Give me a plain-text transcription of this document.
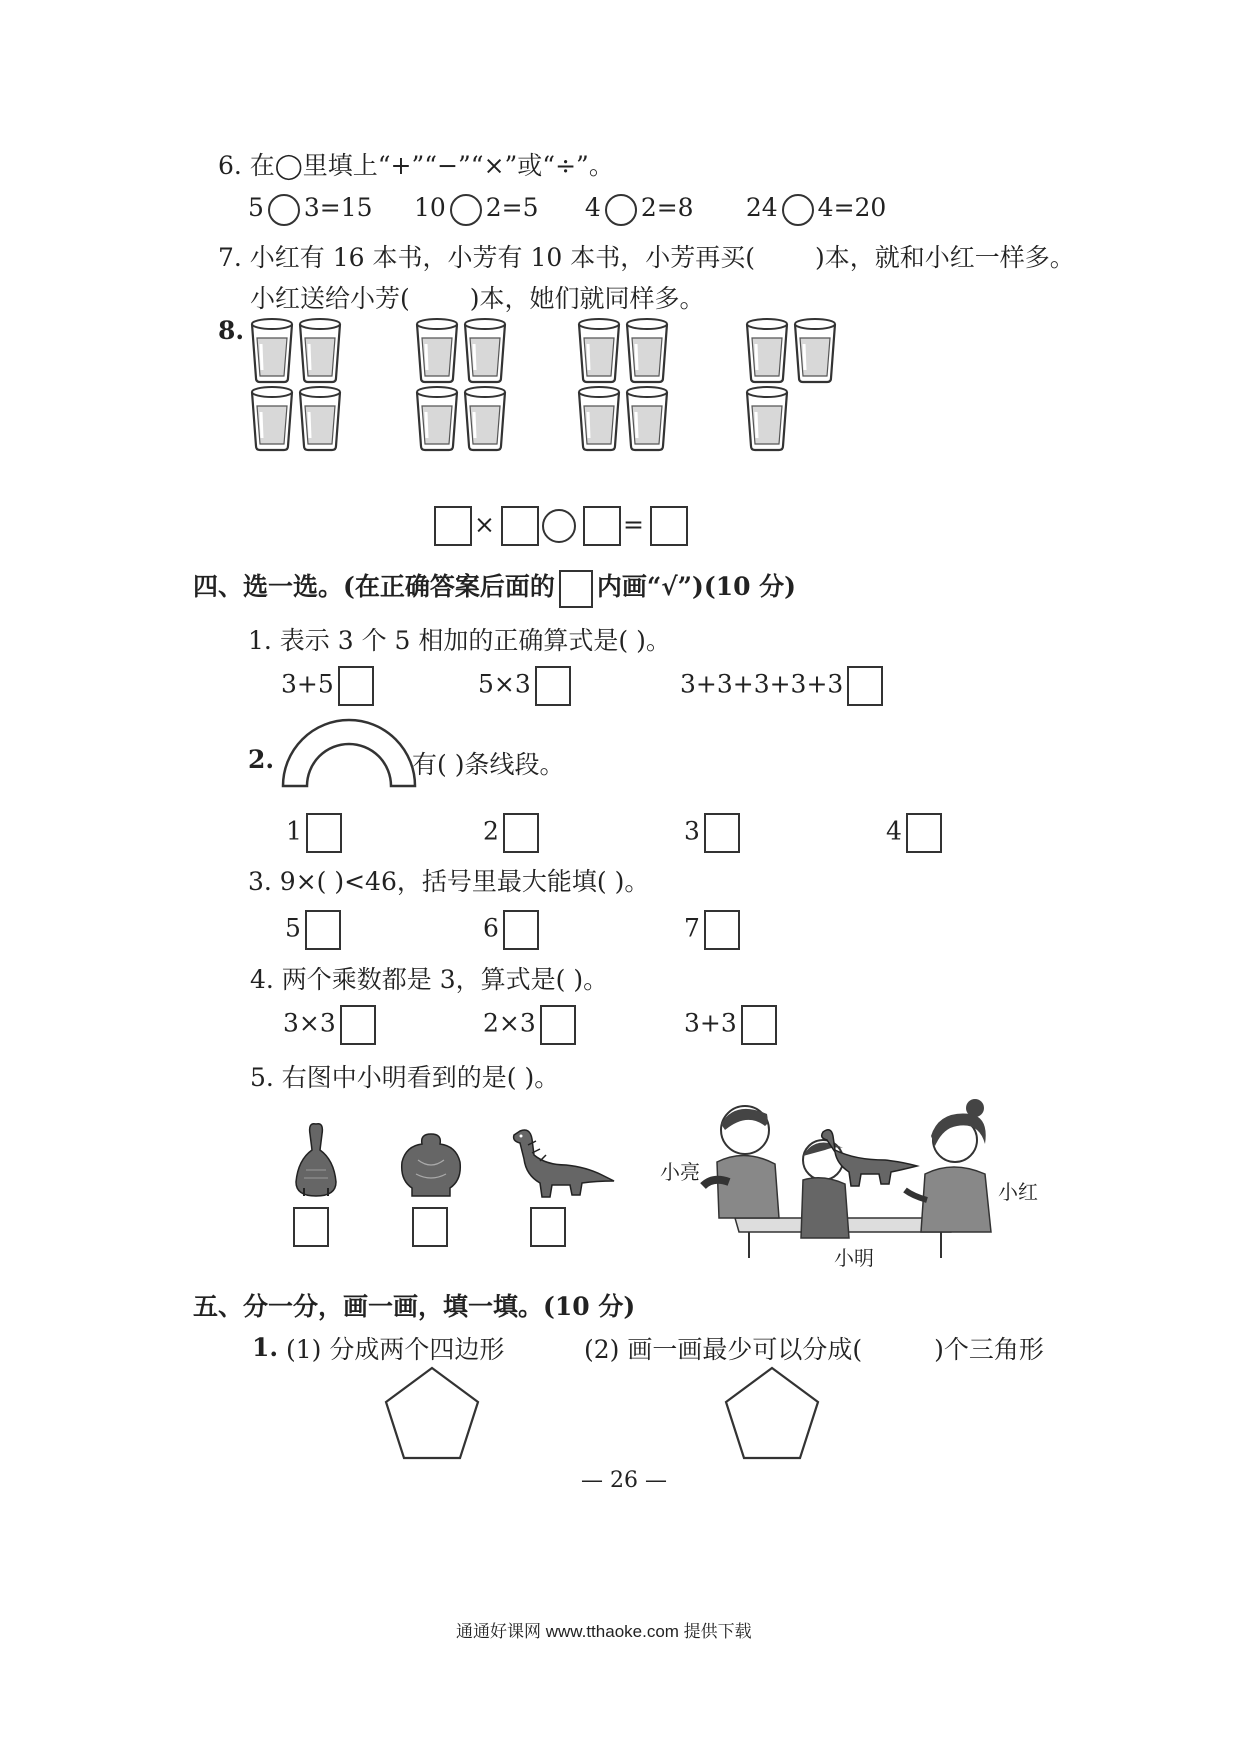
6. 在◯里填上“+”“−”“×”或“÷”。
5 3=15 10 2=5 4 2=8 24 4=20
7. 小红有 16 本书，小芳有 10 本书，小芳再买( )本，就和小红一样多。
小红送给小芳( )本，她们就同样多。
8.
×	=
四、选一选。(在正确答案后面的 内画“√”)(10 分)
1. 表示 3 个 5 相加的正确算式是( )。
3+5	5×3	3+3+3+3+3
2.	有( )条线段。
1	2	3	4
3. 9×( )<46，括号里最大能填( )。
5	6	7
4. 两个乘数都是 3，算式是( )。
3×3	2×3	3+3
5. 右图中小明看到的是( )。
小亮
小明
小红
五、分一分，画一画，填一填。(10 分)
1. (1) 分成两个四边形	(2) 画一画最少可以分成(	)个三角形
— 26 —
通通好课网 www.tthaoke.com 提供下载
